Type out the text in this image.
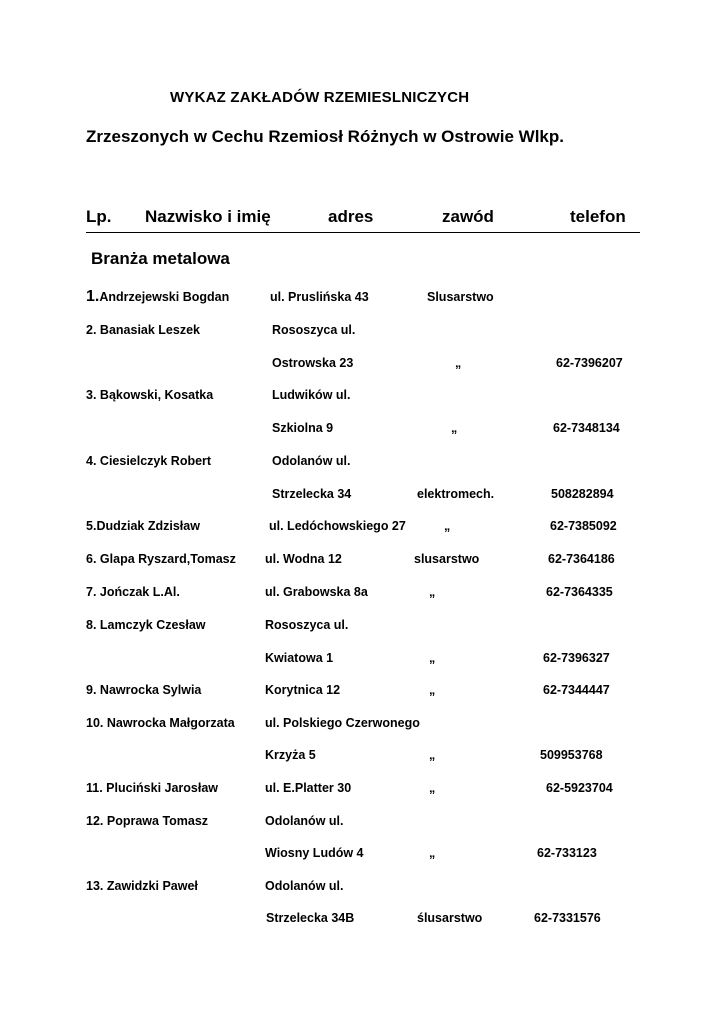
WYKAZ ZAKŁADÓW RZEMIESLNICZYCH
Zrzeszonych w Cechu Rzemiosł Różnych w Ostrowie Wlkp.
Lp. Nazwisko i imię	adres	zawód	telefon
Branża metalowa
1.Andrzejewski Bogdan	ul. Pruslińska 43	Slusarstwo
2. Banasiak Leszek	Rososzyca ul.
Ostrowska 23	„	62-7396207
3. Bąkowski, Kosatka	Ludwików ul.
Szkiolna 9	„	62-7348134
4. Ciesielczyk Robert	Odolanów ul.
Strzelecka 34	elektromech.	508282894
5.Dudziak Zdzisław	ul. Ledóchowskiego 27	„	62-7385092
6. Glapa Ryszard,Tomasz ul. Wodna 12	slusarstwo	62-7364186
7. Jończak L.Al.	ul. Grabowska 8a	„	62-7364335
8. Lamczyk Czesław	Rososzyca ul.
Kwiatowa 1	„	62-7396327
9. Nawrocka Sylwia	Korytnica 12	„	62-7344447
10. Nawrocka Małgorzata ul. Polskiego Czerwonego
Krzyża 5	„	509953768
11. Pluciński Jarosław	ul. E.Platter 30	„	62-5923704
12. Poprawa Tomasz	Odolanów ul.
Wiosny Ludów 4	„	62-733123
13. Zawidzki Paweł	Odolanów ul.
Strzelecka 34B	ślusarstwo	62-7331576
